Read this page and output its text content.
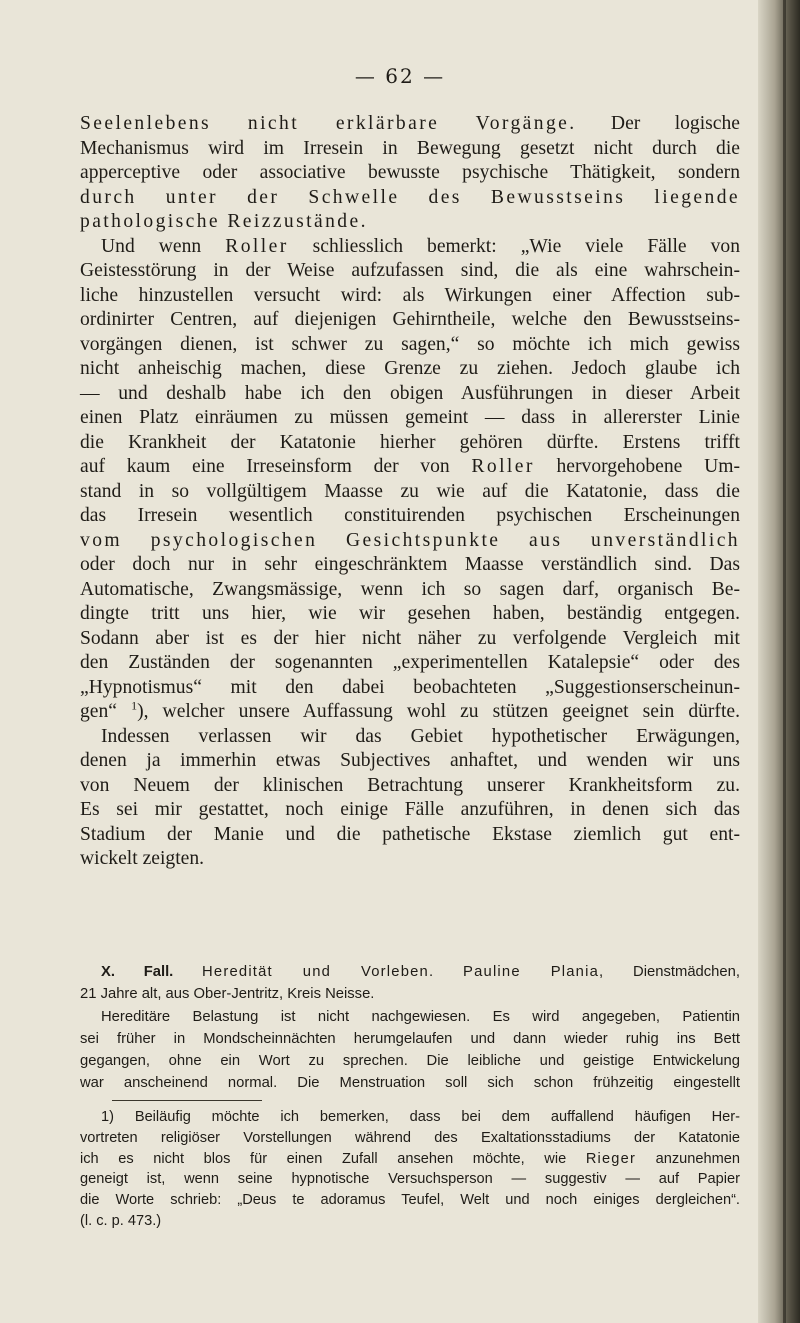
— 62 —
Seelenlebens nicht erklärbare Vorgänge. Der logische
Mechanismus wird im Irresein in Bewegung gesetzt nicht durch die
apperceptive oder associative bewusste psychische Thätigkeit, sondern
durch unter der Schwelle des Bewusstseins liegende
pathologische Reizzustände.
Und wenn Roller schliesslich bemerkt: „Wie viele Fälle von
Geistesstörung in der Weise aufzufassen sind, die als eine wahrschein-
liche hinzustellen versucht wird: als Wirkungen einer Affection sub-
ordinirter Centren, auf diejenigen Gehirntheile, welche den Bewusstseins-
vorgängen dienen, ist schwer zu sagen,“ so möchte ich mich gewiss
nicht anheischig machen, diese Grenze zu ziehen. Jedoch glaube ich
— und deshalb habe ich den obigen Ausführungen in dieser Arbeit
einen Platz einräumen zu müssen gemeint — dass in allererster Linie
die Krankheit der Katatonie hierher gehören dürfte. Erstens trifft
auf kaum eine Irreseinsform der von Roller hervorgehobene Um-
stand in so vollgültigem Maasse zu wie auf die Katatonie, dass die
das Irresein wesentlich constituirenden psychischen Erscheinungen
vom psychologischen Gesichtspunkte aus unverständlich
oder doch nur in sehr eingeschränktem Maasse verständlich sind. Das
Automatische, Zwangsmässige, wenn ich so sagen darf, organisch Be-
dingte tritt uns hier, wie wir gesehen haben, beständig entgegen.
Sodann aber ist es der hier nicht näher zu verfolgende Vergleich mit
den Zuständen der sogenannten „experimentellen Katalepsie“ oder des
„Hypnotismus“ mit den dabei beobachteten „Suggestionserscheinun-
gen“ $^1$), welcher unsere Auffassung wohl zu stützen geeignet sein dürfte.
Indessen verlassen wir das Gebiet hypothetischer Erwägungen,
denen ja immerhin etwas Subjectives anhaftet, und wenden wir uns
von Neuem der klinischen Betrachtung unserer Krankheitsform zu.
Es sei mir gestattet, noch einige Fälle anzuführen, in denen sich das
Stadium der Manie und die pathetische Ekstase ziemlich gut ent-
wickelt zeigten.
X. Fall. Heredität und Vorleben. Pauline Plania, Dienstmädchen,
21 Jahre alt, aus Ober-Jentritz, Kreis Neisse.
Hereditäre Belastung ist nicht nachgewiesen. Es wird angegeben, Patientin
sei früher in Mondscheinnächten herumgelaufen und dann wieder ruhig ins Bett
gegangen, ohne ein Wort zu sprechen. Die leibliche und geistige Entwickelung
war anscheinend normal. Die Menstruation soll sich schon frühzeitig eingestellt
1) Beiläufig möchte ich bemerken, dass bei dem auffallend häufigen Her-
vortreten religiöser Vorstellungen während des Exaltationsstadiums der Katatonie
ich es nicht blos für einen Zufall ansehen möchte, wie Rieger anzunehmen
geneigt ist, wenn seine hypnotische Versuchsperson — suggestiv — auf Papier
die Worte schrieb: „Deus te adoramus Teufel, Welt und noch einiges dergleichen“.
(l. c. p. 473.)
